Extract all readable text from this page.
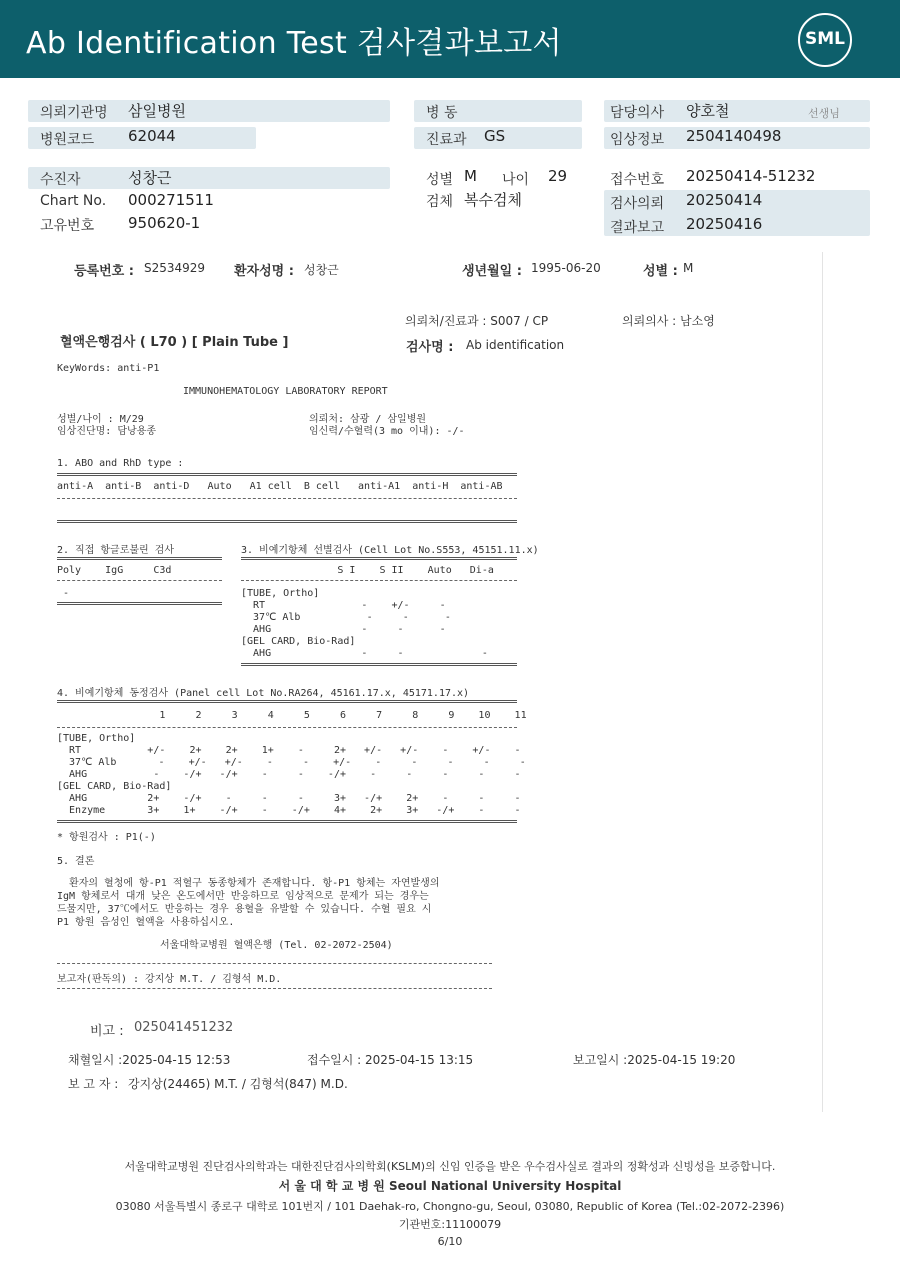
Ab Identification Test 검사결과보고서	SML
의뢰기관명 삼일병원	병 동	담당의사 양호철	선생님
병원코드 62044	진료과 GS	임상정보 2504140498
수진자	성창근	성별 M 나이 29	접수번호 20250414-51232
Chart No. 000271511	검체 복수검체	검사의뢰 20250414
고유번호 950620-1	결과보고 20250416
등록번호 : S2534929 환자성명 : 성창근	생년월일 : 1995-06-20	성별 : M
의뢰처/진료과 : S007 / CP	의뢰의사 : 남소영
혈액은행검사 ( L70 ) [ Plain Tube ]	검사명 : Ab identification
KeyWords: anti-P1
IMMUNOHEMATOLOGY LABORATORY REPORT
성별/나이 : M/29
임상진단명: 담낭용종
의뢰처: 삼광 / 삼일병원
임신력/수혈력(3 mo 이내): -/-
1. ABO and RhD type :
anti-A  anti-B  anti-D   Auto   A1 cell  B cell   anti-A1  anti-H  anti-AB
2. 직접 항글로불린 검사
Poly    IgG     C3d
-
3. 비예기항체 선별검사 (Cell Lot No.S553, 45151.11.x)
S I    S II    Auto   Di-a
[TUBE, Ortho]
RT                -    +/-     -
37℃ Alb           -     -      -
AHG               -     -      -
[GEL CARD, Bio-Rad]
AHG               -     -             -
4. 비예기항체 동정검사 (Panel cell Lot No.RA264, 45161.17.x, 45171.17.x)
1     2     3     4     5     6     7     8     9    10    11
[TUBE, Ortho]
RT           +/-    2+    2+    1+    -     2+   +/-   +/-    -    +/-    -
37℃ Alb       -    +/-   +/-    -     -    +/-    -     -     -     -     -
AHG           -    -/+   -/+    -     -    -/+    -     -     -     -     -
[GEL CARD, Bio-Rad]
AHG          2+    -/+    -     -     -     3+   -/+    2+    -     -     -
Enzyme       3+    1+    -/+    -    -/+    4+    2+    3+   -/+    -     -
* 항원검사 : P1(-)
5. 결론
환자의 혈청에 항-P1 적혈구 동종항체가 존재합니다. 항-P1 항체는 자연발생의
IgM 항체로서 대개 낮은 온도에서만 반응하므로 임상적으로 문제가 되는 경우는
드물지만, 37℃에서도 반응하는 경우 용혈을 유발할 수 있습니다. 수혈 필요 시
P1 항원 음성인 혈액을 사용하십시오.
서울대학교병원 혈액은행 (Tel. 02-2072-2504)
보고자(판독의) : 강지상 M.T. / 김형석 M.D.
비고 : 025041451232
채혈일시 :2025-04-15 12:53	접수일시 : 2025-04-15 13:15	보고일시 :2025-04-15 19:20
보 고 자 : 강지상(24465) M.T. / 김형석(847) M.D.
서울대학교병원 진단검사의학과는 대한진단검사의학회(KSLM)의 신임 인증을 받은 우수검사실로 결과의 정확성과 신빙성을 보증합니다.
서 울 대 학 교 병 원 Seoul National University Hospital
03080 서울특별시 종로구 대학로 101번지 / 101 Daehak-ro, Chongno-gu, Seoul, 03080, Republic of Korea (Tel.:02-2072-2396)
기관번호:11100079
6/10
